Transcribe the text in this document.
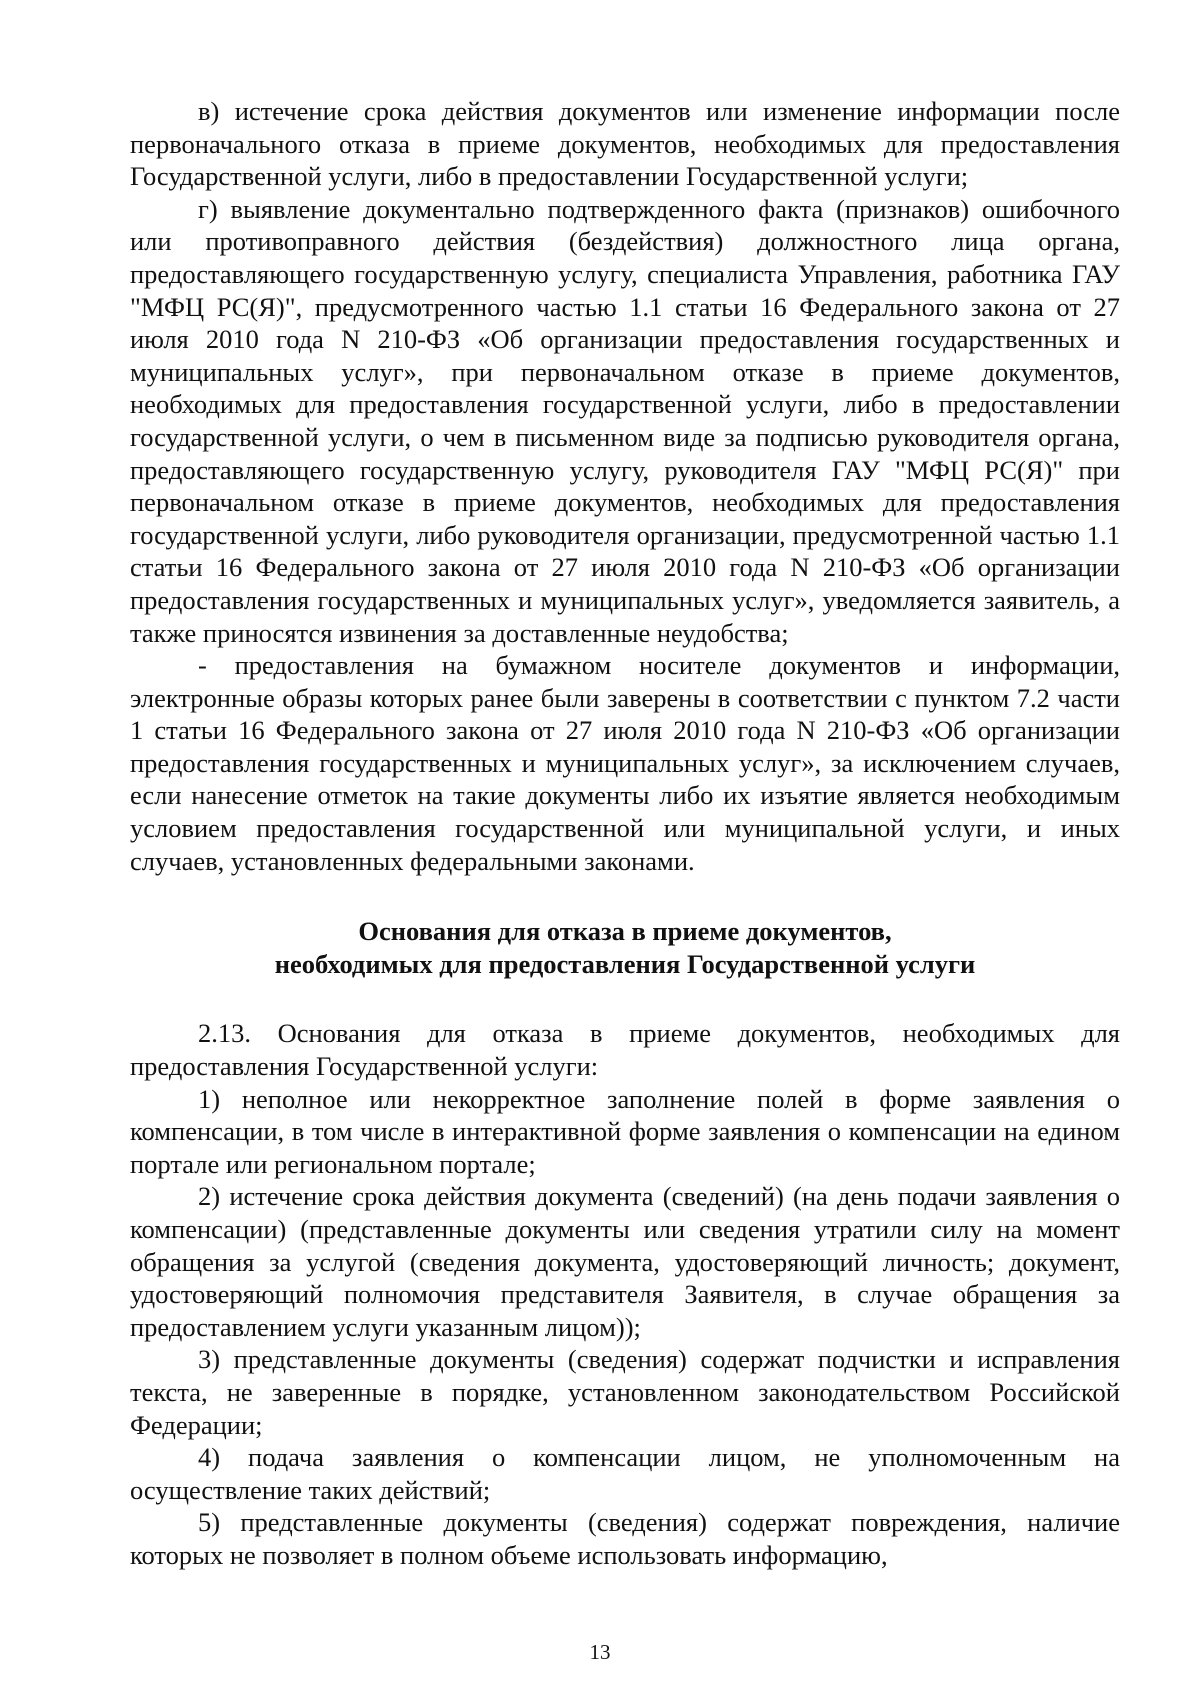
в) истечение срока действия документов или изменение информации после первоначального отказа в приеме документов, необходимых для предоставления Государственной услуги, либо в предоставлении Государственной услуги;

г) выявление документально подтвержденного факта (признаков) ошибочного или противоправного действия (бездействия) должностного лица органа, предоставляющего государственную услугу, специалиста Управления, работника ГАУ "МФЦ РС(Я)", предусмотренного частью 1.1 статьи 16 Федерального закона от 27 июля 2010 года N 210-ФЗ «Об организации предоставления государственных и муниципальных услуг», при первоначальном отказе в приеме документов, необходимых для предоставления государственной услуги, либо в предоставлении государственной услуги, о чем в письменном виде за подписью руководителя органа, предоставляющего государственную услугу, руководителя ГАУ "МФЦ РС(Я)" при первоначальном отказе в приеме документов, необходимых для предоставления государственной услуги, либо руководителя организации, предусмотренной частью 1.1 статьи 16 Федерального закона от 27 июля 2010 года N 210-ФЗ «Об организации предоставления государственных и муниципальных услуг», уведомляется заявитель, а также приносятся извинения за доставленные неудобства;

- предоставления на бумажном носителе документов и информации, электронные образы которых ранее были заверены в соответствии с пунктом 7.2 части 1 статьи 16 Федерального закона от 27 июля 2010 года N 210-ФЗ «Об организации предоставления государственных и муниципальных услуг», за исключением случаев, если нанесение отметок на такие документы либо их изъятие является необходимым условием предоставления государственной или муниципальной услуги, и иных случаев, установленных федеральными законами.

Основания для отказа в приеме документов,

необходимых для предоставления Государственной услуги

2.13. Основания для отказа в приеме документов, необходимых для предоставления Государственной услуги:

1) неполное или некорректное заполнение полей в форме заявления о компенсации, в том числе в интерактивной форме заявления о компенсации на едином портале или региональном портале;

2) истечение срока действия документа (сведений) (на день подачи заявления о компенсации) (представленные документы или сведения утратили силу на момент обращения за услугой (сведения документа, удостоверяющий личность; документ, удостоверяющий полномочия представителя Заявителя, в случае обращения за предоставлением услуги указанным лицом));

3) представленные документы (сведения) содержат подчистки и исправления текста, не заверенные в порядке, установленном законодательством Российской Федерации;

4) подача заявления о компенсации лицом, не уполномоченным на осуществление таких действий;

5) представленные документы (сведения) содержат повреждения, наличие которых не позволяет в полном объеме использовать информацию,

13
